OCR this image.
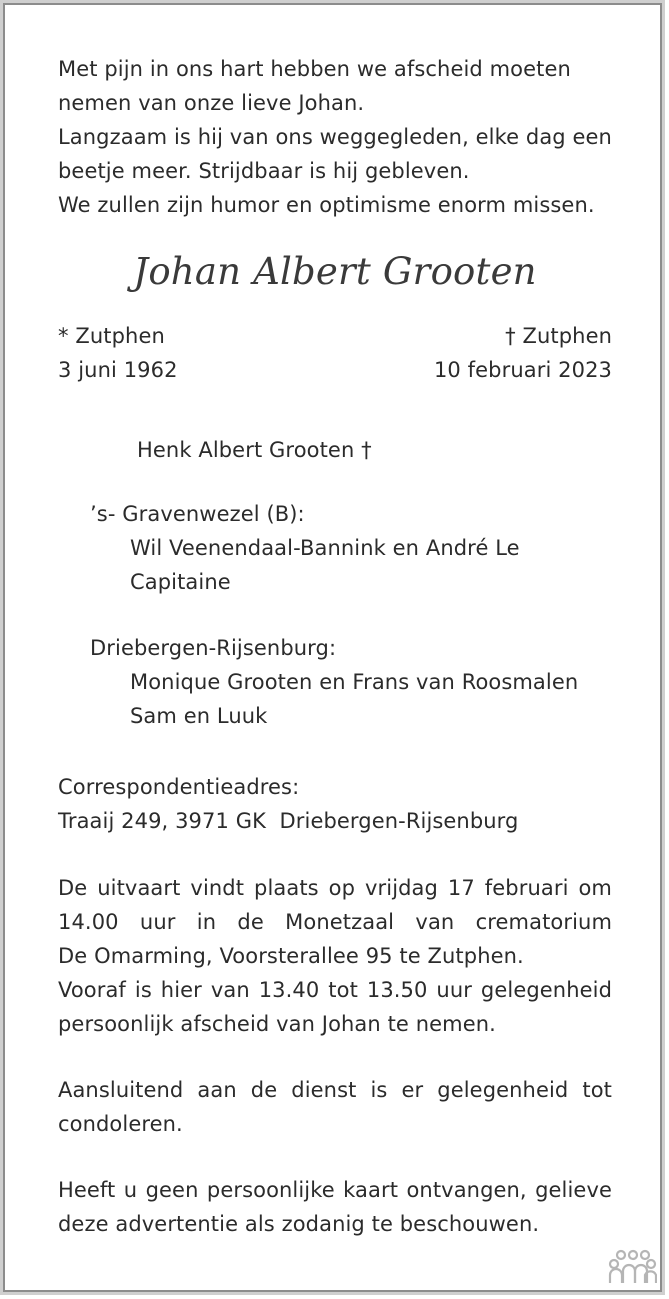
Met pijn in ons hart hebben we afscheid moeten
nemen van onze lieve Johan.
Langzaam is hij van ons weggegleden, elke dag een
beetje meer. Strijdbaar is hij gebleven.
We zullen zijn humor en optimisme enorm missen.

Johan Albert Grooten
* Zutphen
3 juni 1962
† Zutphen
10 februari 2023
Henk Albert Grooten †
’s- Gravenwezel (B):
Wil Veenendaal-Bannink en André Le Capitaine
Driebergen-Rijsenburg:
Monique Grooten en Frans van Roosmalen
Sam en Luuk
Correspondentieadres:
Traaij 249, 3971 GK  Driebergen-Rijsenburg

De uitvaart vindt plaats op vrijdag 17 februari om
14.00 uur in de Monetzaal van crematorium
De Omarming, Voorsterallee 95 te Zutphen.
Vooraf is hier van 13.40 tot 13.50 uur gelegenheid
persoonlijk afscheid van Johan te nemen.

Aansluitend aan de dienst is er gelegenheid tot
condoleren.

Heeft u geen persoonlijke kaart ontvangen, gelieve
deze advertentie als zodanig te beschouwen.
